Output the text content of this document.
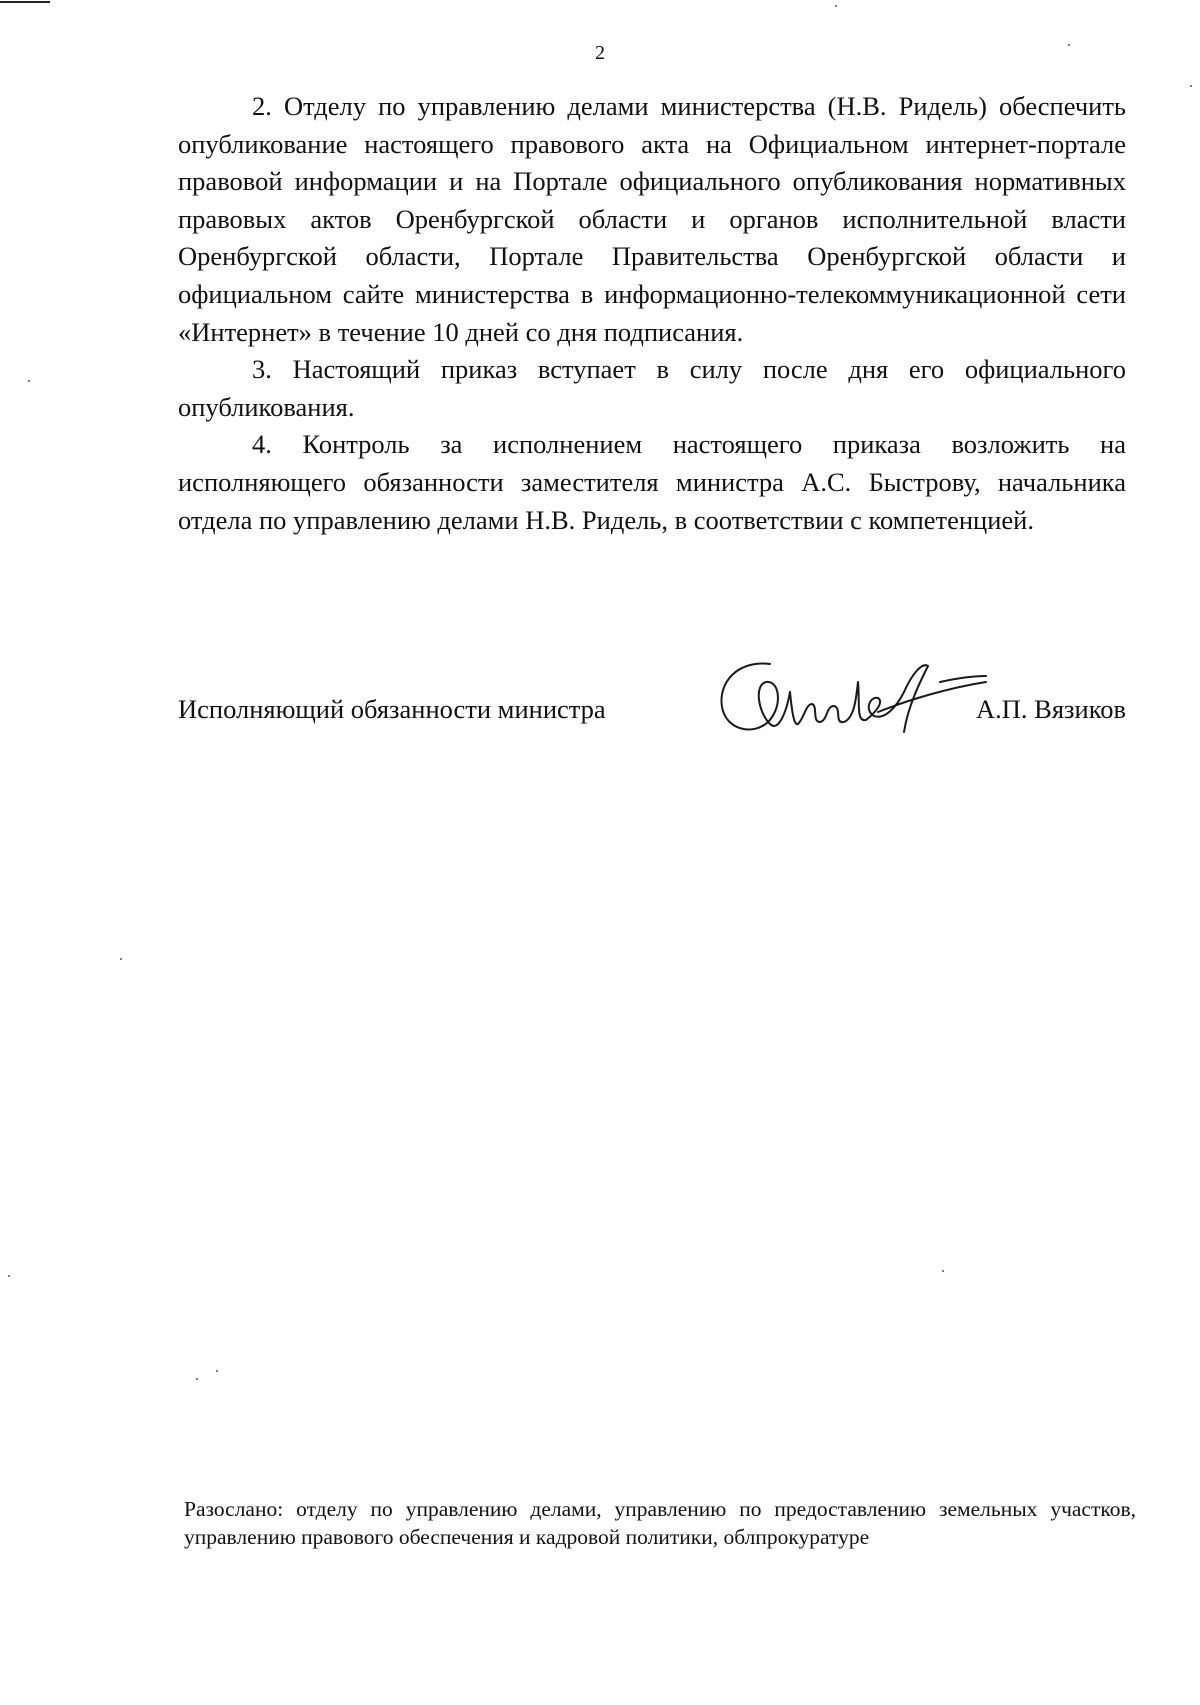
2

2. Отделу по управлению делами министерства (Н.В. Ридель) обеспечить опубликование настоящего правового акта на Официальном интернет-портале правовой информации и на Портале официального опубликования нормативных правовых актов Оренбургской области и органов исполнительной власти Оренбургской области, Портале Правительства Оренбургской области и официальном сайте министерства в информационно-телекоммуникационной сети «Интернет» в течение 10 дней со дня подписания.

3. Настоящий приказ вступает в силу после дня его официального опубликования.

4. Контроль за исполнением настоящего приказа возложить на исполняющего обязанности заместителя министра А.С. Быстрову, начальника отдела по управлению делами Н.В. Ридель, в соответствии с компетенцией.

Исполняющий обязанности министра	А.П. Вязиков
Разослано: отделу по управлению делами, управлению по предоставлению земельных участков, управлению правового обеспечения и кадровой политики, облпрокуратуре
